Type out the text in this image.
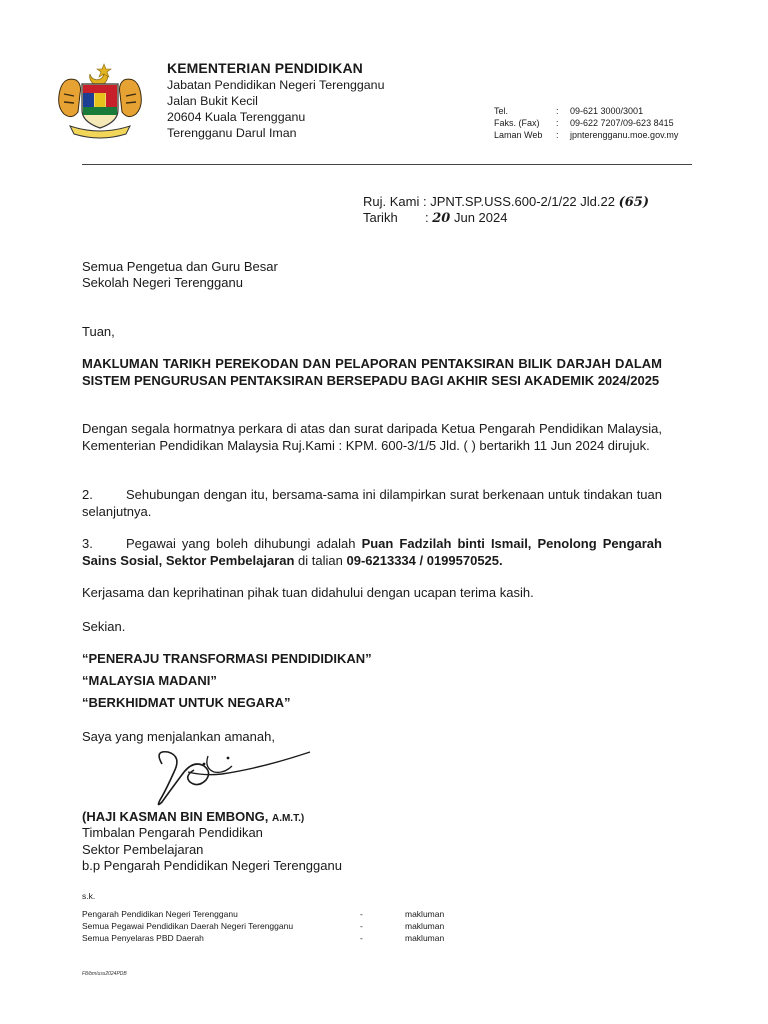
KEMENTERIAN PENDIDIKAN
Jabatan Pendidikan Negeri Terengganu
Jalan Bukit Kecil
20604 Kuala Terengganu
Terengganu Darul Iman
Tel.	: 09-621 3000/3001
Faks. (Fax) : 09-622 7207/09-623 8415
Laman Web : jpnterengganu.moe.gov.my
Ruj. Kami : JPNT.SP.USS.600-2/1/22 Jld.22 (65)
Tarikh : 20 Jun 2024
Semua Pengetua dan Guru Besar
Sekolah Negeri Terengganu
Tuan,
MAKLUMAN TARIKH PEREKODAN DAN PELAPORAN PENTAKSIRAN BILIK DARJAH DALAM SISTEM PENGURUSAN PENTAKSIRAN BERSEPADU BAGI AKHIR SESI AKADEMIK 2024/2025
Dengan segala hormatnya perkara di atas dan surat daripada Ketua Pengarah Pendidikan Malaysia, Kementerian Pendidikan Malaysia Ruj.Kami : KPM. 600-3/1/5 Jld. ( ) bertarikh 11 Jun 2024 dirujuk.
2.	Sehubungan dengan itu, bersama-sama ini dilampirkan surat berkenaan untuk tindakan tuan selanjutnya.
3.	Pegawai yang boleh dihubungi adalah Puan Fadzilah binti Ismail, Penolong Pengarah Sains Sosial, Sektor Pembelajaran di talian 09-6213334 / 0199570525.
Kerjasama dan keprihatinan pihak tuan didahului dengan ucapan terima kasih.
Sekian.
“PENERAJU TRANSFORMASI PENDIDIDIKAN”
“MALAYSIA MADANI”
“BERKHIDMAT UNTUK NEGARA”
Saya yang menjalankan amanah,
(HAJI KASMAN BIN EMBONG, A.M.T.)
Timbalan Pengarah Pendidikan
Sektor Pembelajaran
b.p Pengarah Pendidikan Negeri Terengganu
s.k.
Pengarah Pendidikan Negeri Terengganu	-	makluman
Semua Pegawai Pendidikan Daerah Negeri Terengganu	-	makluman
Semua Penyelaras PBD Daerah	-	makluman
F8/bm/uss2024PDB
